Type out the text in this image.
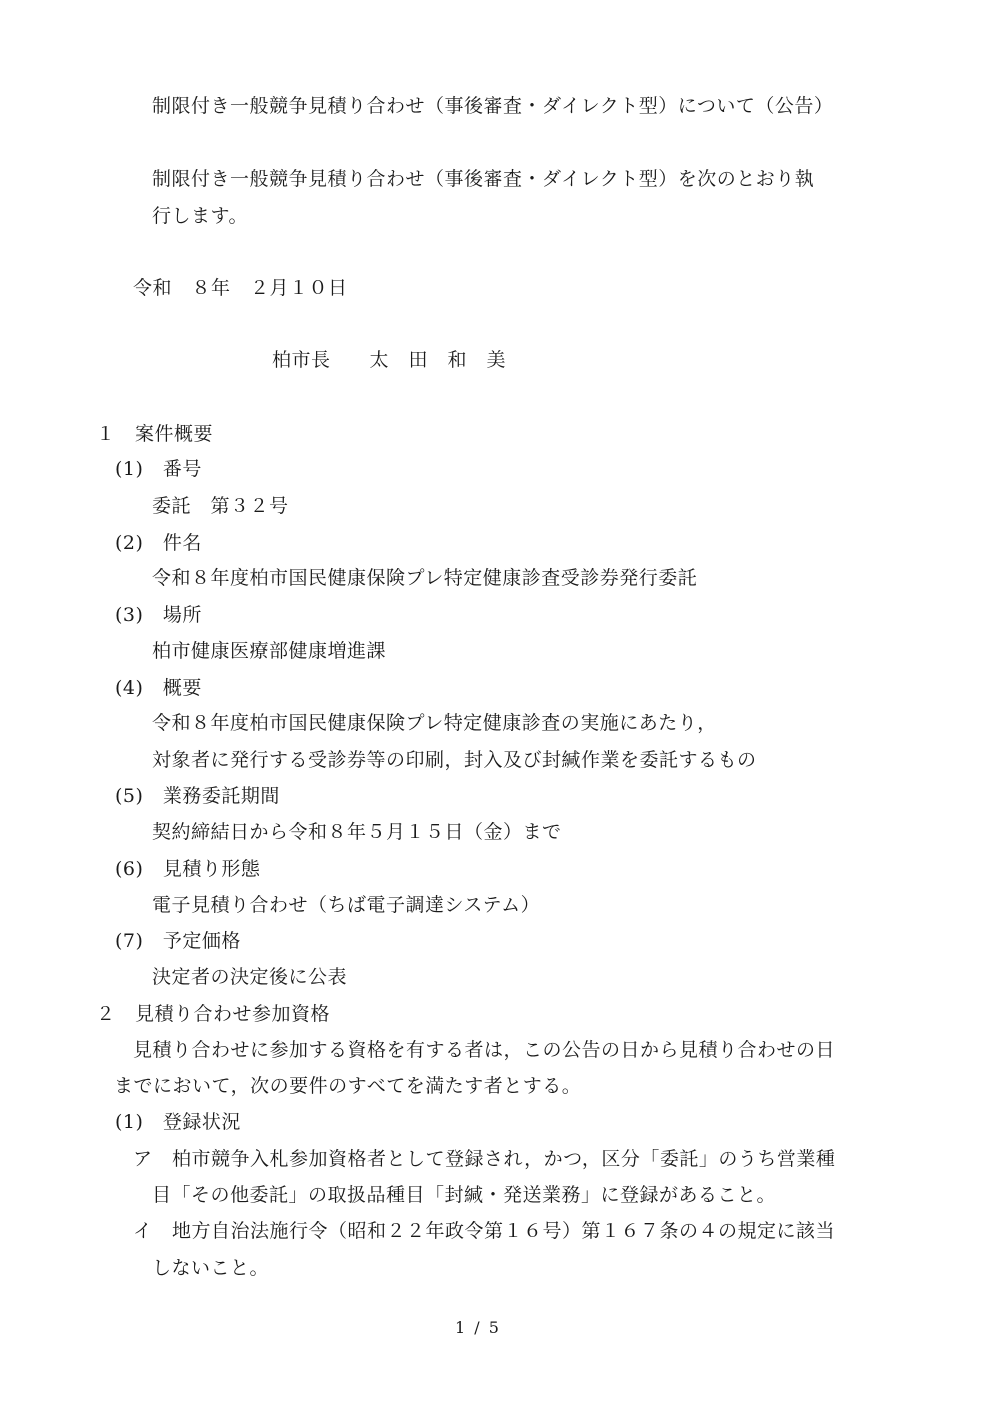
制限付き一般競争見積り合わせ（事後審査・ダイレクト型）について（公告）
制限付き一般競争見積り合わせ（事後審査・ダイレクト型）を次のとおり執
行します。
令和　８年　２月１０日
柏市長　　太　田　和　美
１　案件概要
(1)　番号
委託　第３２号
(2)　件名
令和８年度柏市国民健康保険プレ特定健康診査受診券発行委託
(3)　場所
柏市健康医療部健康増進課
(4)　概要
令和８年度柏市国民健康保険プレ特定健康診査の実施にあたり，
対象者に発行する受診券等の印刷，封入及び封緘作業を委託するもの
(5)　業務委託期間
契約締結日から令和８年５月１５日（金）まで
(6)　見積り形態
電子見積り合わせ（ちば電子調達システム）
(7)　予定価格
決定者の決定後に公表
２　見積り合わせ参加資格
見積り合わせに参加する資格を有する者は，この公告の日から見積り合わせの日
までにおいて，次の要件のすべてを満たす者とする。
(1)　登録状況
ア　柏市競争入札参加資格者として登録され，かつ，区分「委託」のうち営業種
目「その他委託」の取扱品種目「封緘・発送業務」に登録があること。
イ　地方自治法施行令（昭和２２年政令第１６号）第１６７条の４の規定に該当
しないこと。
1 / 5
